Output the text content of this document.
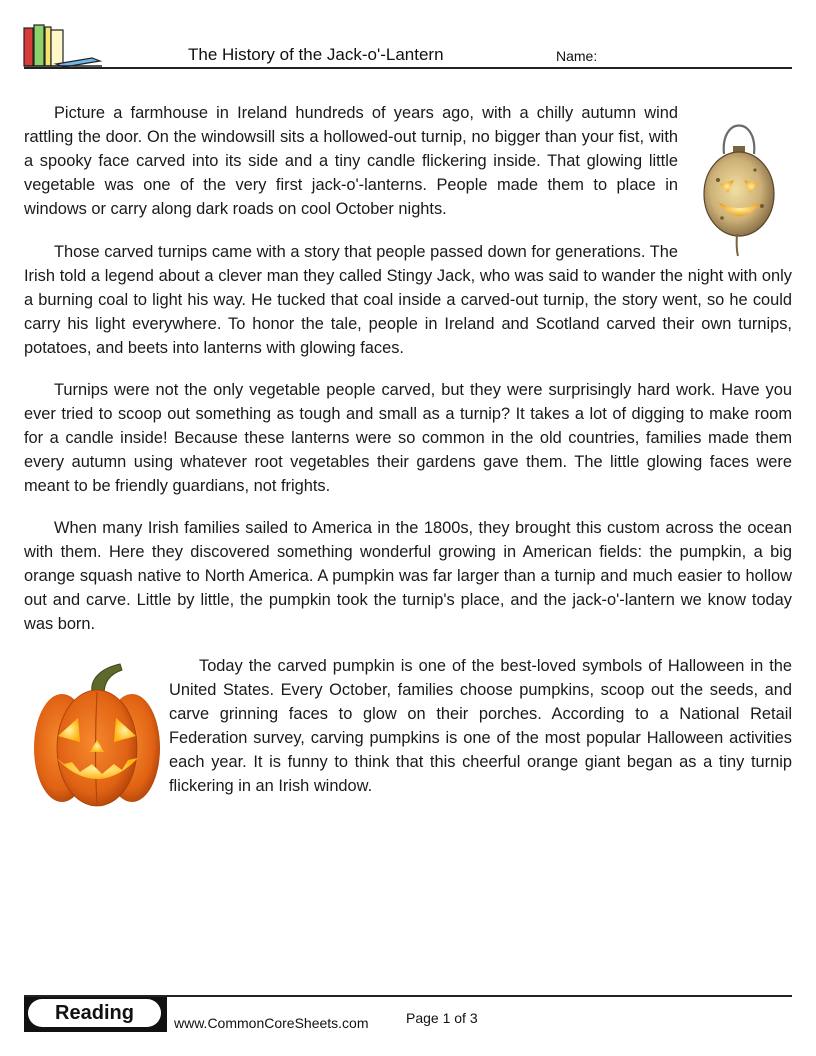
The History of the Jack-o'-Lantern	Name:

Picture a farmhouse in Ireland hundreds of years ago, with a chilly autumn wind rattling the door. On the windowsill sits a hollowed-out turnip, no bigger than your fist, with a spooky face carved into its side and a tiny candle flickering inside. That glowing little vegetable was one of the very first jack-o'-lanterns. People made them to place in windows or carry along dark roads on cool October nights.

Those carved turnips came with a story that people passed down for generations. The Irish told a legend about a clever man they called Stingy Jack, who was said to wander the night with only a burning coal to light his way. He tucked that coal inside a carved-out turnip, the story went, so he could carry his light everywhere. To honor the tale, people in Ireland and Scotland carved their own turnips, potatoes, and beets into lanterns with glowing faces.

Turnips were not the only vegetable people carved, but they were surprisingly hard work. Have you ever tried to scoop out something as tough and small as a turnip? It takes a lot of digging to make room for a candle inside! Because these lanterns were so common in the old countries, families made them every autumn using whatever root vegetables their gardens gave them. The little glowing faces were meant to be friendly guardians, not frights.

When many Irish families sailed to America in the 1800s, they brought this custom across the ocean with them. Here they discovered something wonderful growing in American fields: the pumpkin, a big orange squash native to North America. A pumpkin was far larger than a turnip and much easier to hollow out and carve. Little by little, the pumpkin took the turnip's place, and the jack-o'-lantern we know today was born.

Today the carved pumpkin is one of the best-loved symbols of Halloween in the United States. Every October, families choose pumpkins, scoop out the seeds, and carve grinning faces to glow on their porches. According to a National Retail Federation survey, carving pumpkins is one of the most popular Halloween activities each year. It is funny to think that this cheerful orange giant began as a tiny turnip flickering in an Irish window.

Reading	www.CommonCoreSheets.com	Page 1 of 3
